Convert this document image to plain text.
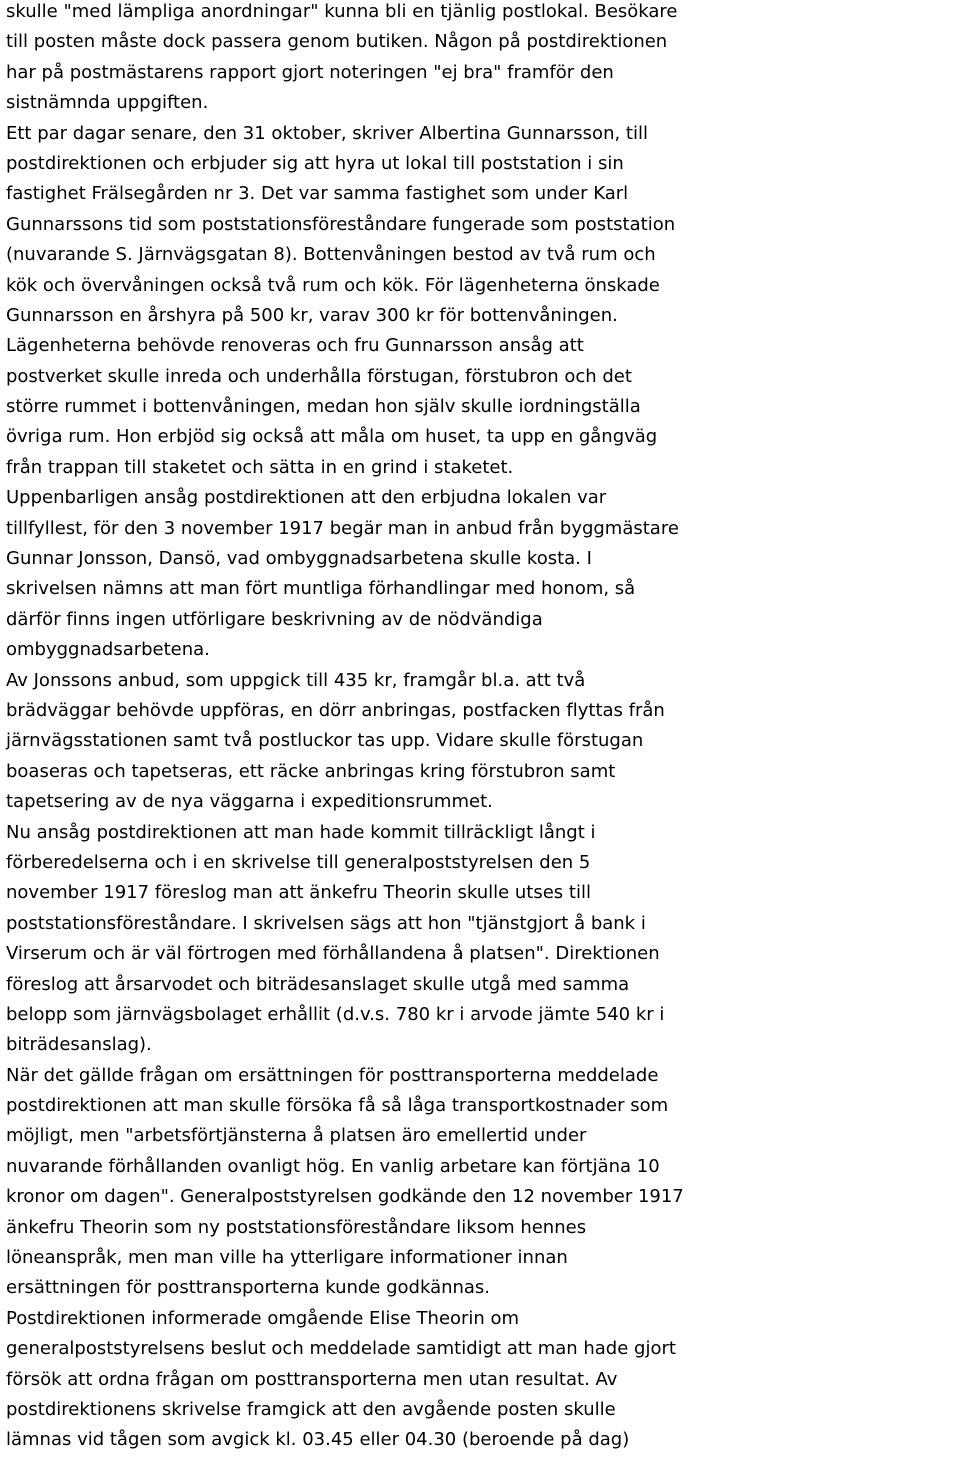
skulle "med lämpliga anordningar" kunna bli en tjänlig postlokal. Besökare

till posten måste dock passera genom butiken. Någon på postdirektionen

har på postmästarens rapport gjort noteringen "ej bra" framför den

sistnämnda uppgiften.

Ett par dagar senare, den 31 oktober, skriver Albertina Gunnarsson, till

postdirektionen och erbjuder sig att hyra ut lokal till poststation i sin

fastighet Frälsegården nr 3. Det var samma fastighet som under Karl

Gunnarssons tid som poststationsföreståndare fungerade som poststation

(nuvarande S. Järnvägsgatan 8). Bottenvåningen bestod av två rum och

kök och övervåningen också två rum och kök. För lägenheterna önskade

Gunnarsson en årshyra på 500 kr, varav 300 kr för bottenvåningen.

Lägenheterna behövde renoveras och fru Gunnarsson ansåg att

postverket skulle inreda och underhålla förstugan, förstubron och det

större rummet i bottenvåningen, medan hon själv skulle iordningställa

övriga rum. Hon erbjöd sig också att måla om huset, ta upp en gångväg

från trappan till staketet och sätta in en grind i staketet.

Uppenbarligen ansåg postdirektionen att den erbjudna lokalen var

tillfyllest, för den 3 november 1917 begär man in anbud från byggmästare

Gunnar Jonsson, Dansö, vad ombyggnadsarbetena skulle kosta. I

skrivelsen nämns att man fört muntliga förhandlingar med honom, så

därför finns ingen utförligare beskrivning av de nödvändiga

ombyggnadsarbetena.

Av Jonssons anbud, som uppgick till 435 kr, framgår bl.a. att två

brädväggar behövde uppföras, en dörr anbringas, postfacken flyttas från

järnvägsstationen samt två postluckor tas upp. Vidare skulle förstugan

boaseras och tapetseras, ett räcke anbringas kring förstubron samt

tapetsering av de nya väggarna i expeditionsrummet.

Nu ansåg postdirektionen att man hade kommit tillräckligt långt i

förberedelserna och i en skrivelse till generalpoststyrelsen den 5

november 1917 föreslog man att änkefru Theorin skulle utses till

poststationsföreståndare. I skrivelsen sägs att hon "tjänstgjort å bank i

Virserum och är väl förtrogen med förhållandena å platsen". Direktionen

föreslog att årsarvodet och biträdesanslaget skulle utgå med samma

belopp som järnvägsbolaget erhållit (d.v.s. 780 kr i arvode jämte 540 kr i

biträdesanslag).

När det gällde frågan om ersättningen för posttransporterna meddelade

postdirektionen att man skulle försöka få så låga transportkostnader som

möjligt, men "arbetsförtjänsterna å platsen äro emellertid under

nuvarande förhållanden ovanligt hög. En vanlig arbetare kan förtjäna 10

kronor om dagen". Generalpoststyrelsen godkände den 12 november 1917

änkefru Theorin som ny poststationsföreståndare liksom hennes

löneanspråk, men man ville ha ytterligare informationer innan

ersättningen för posttransporterna kunde godkännas.

Postdirektionen informerade omgående Elise Theorin om

generalpoststyrelsens beslut och meddelade samtidigt att man hade gjort

försök att ordna frågan om posttransporterna men utan resultat. Av

postdirektionens skrivelse framgick att den avgående posten skulle

lämnas vid tågen som avgick kl. 03.45 eller 04.30 (beroende på dag)
